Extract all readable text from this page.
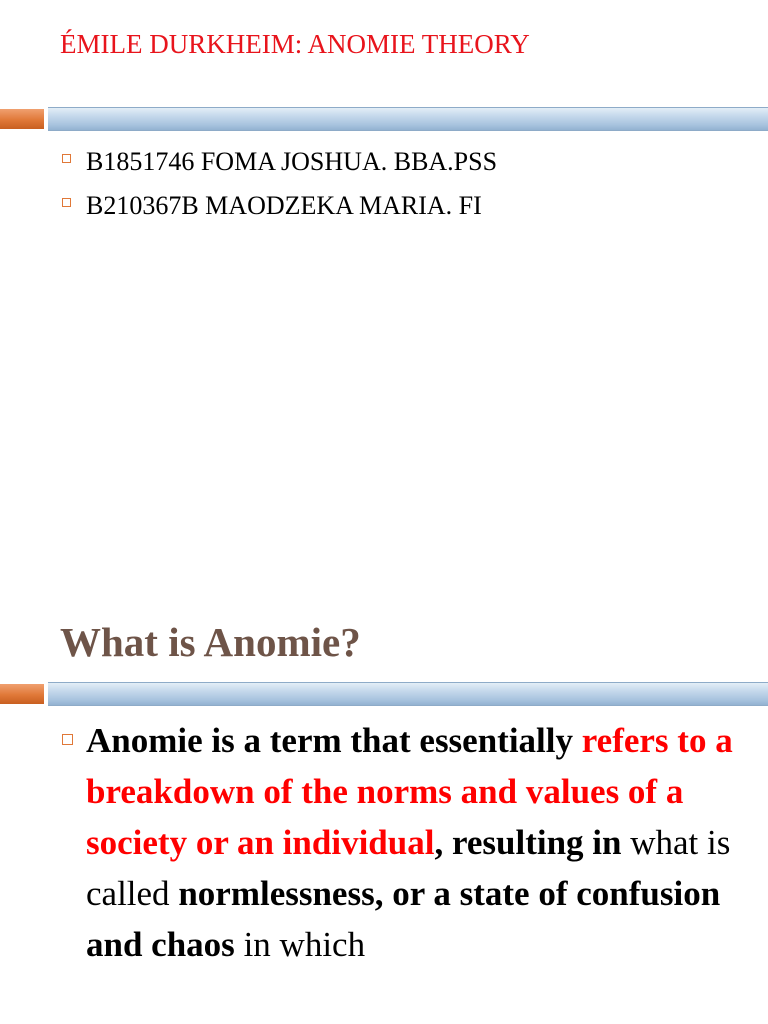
ÉMILE DURKHEIM: ANOMIE THEORY
B1851746 FOMA JOSHUA. BBA.PSS
B210367B MAODZEKA MARIA. FI
What is Anomie?
Anomie is a term that essentially refers to a breakdown of the norms and values of a society or an individual, resulting in what is called normlessness, or a state of confusion and chaos in which
